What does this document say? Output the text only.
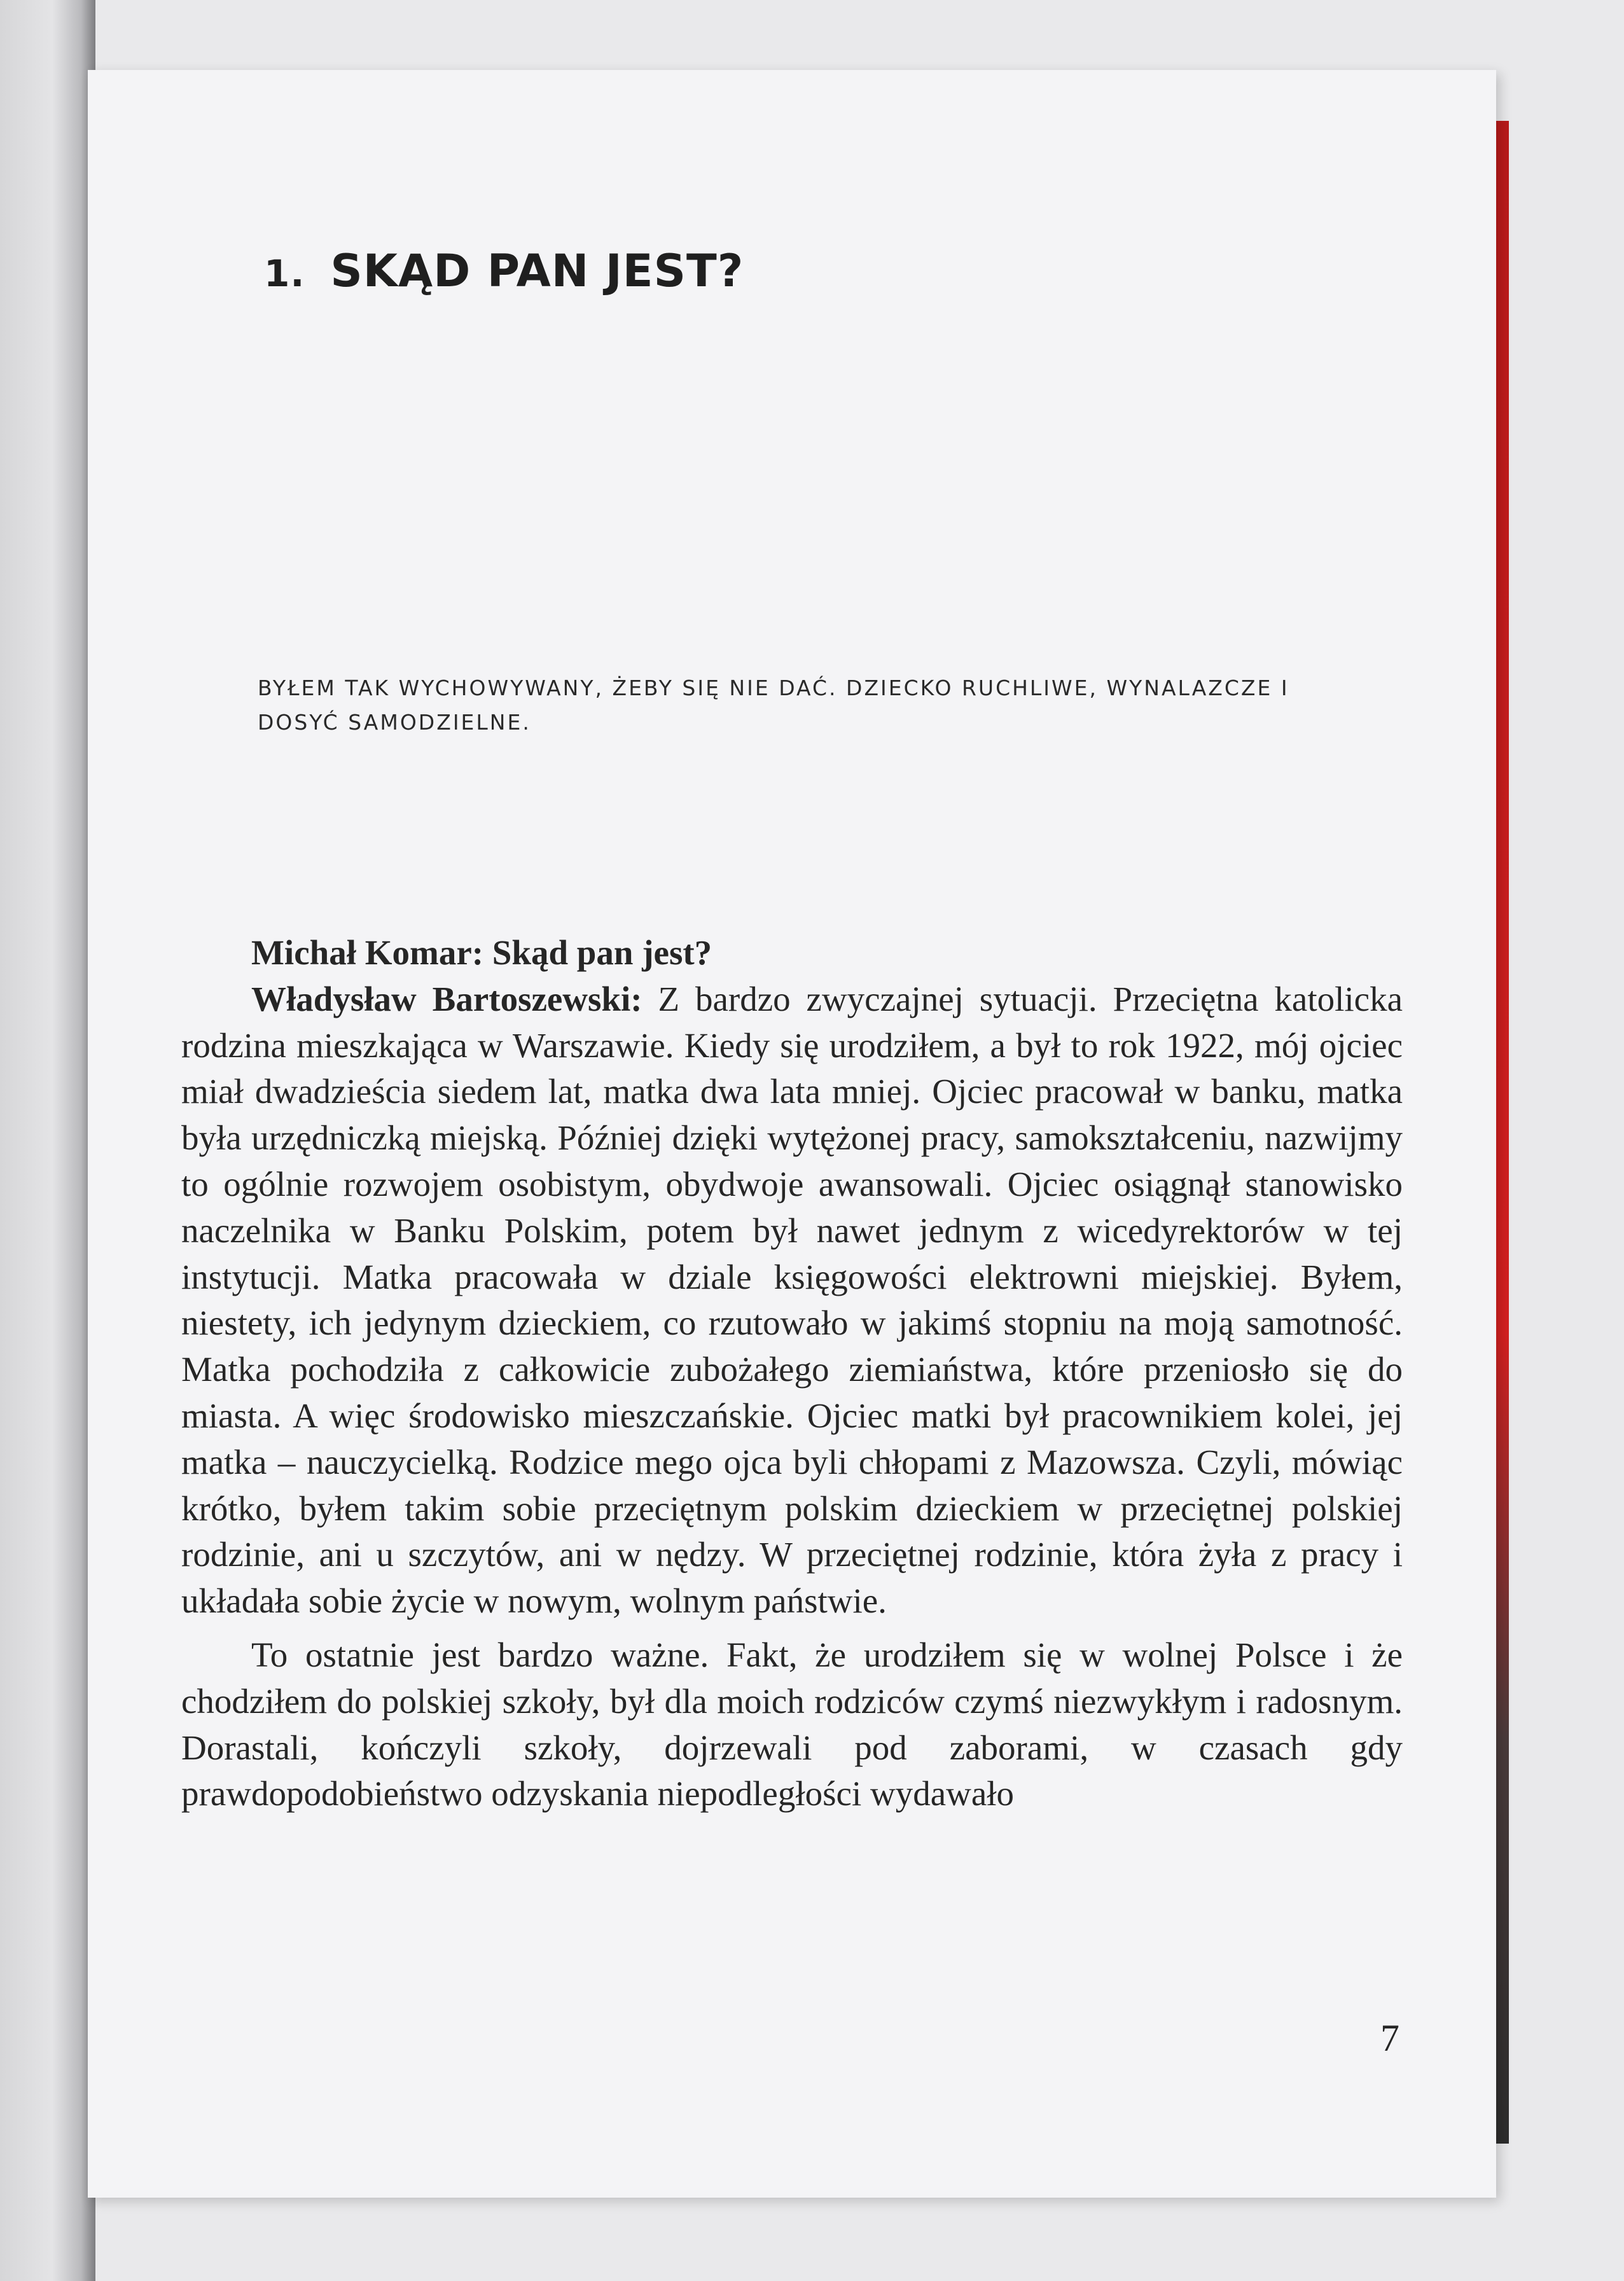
1. SKĄD PAN JEST?

BYŁEM TAK WYCHOWYWANY, ŻEBY SIĘ NIE DAĆ. DZIECKO RUCHLIWE, WYNALAZCZE I DOSYĆ SAMODZIELNE.

Michał Komar: Skąd pan jest?

Władysław Bartoszewski: Z bardzo zwyczajnej sytuacji. Przeciętna katolicka rodzina mieszkająca w Warszawie. Kiedy się urodziłem, a był to rok 1922, mój ojciec miał dwadzieścia siedem lat, matka dwa lata mniej. Ojciec pracował w banku, matka była urzędniczką miejską. Później dzięki wytężonej pracy, samokształceniu, nazwijmy to ogólnie rozwojem osobistym, obydwoje awansowali. Ojciec osiągnął stanowisko naczelnika w Banku Polskim, potem był nawet jednym z wicedyrektorów w tej instytucji. Matka pracowała w dziale księgowości elektrowni miejskiej. Byłem, niestety, ich jedynym dzieckiem, co rzutowało w jakimś stopniu na moją samotność. Matka pochodziła z całkowicie zubożałego ziemiaństwa, które przeniosło się do miasta. A więc środowisko mieszczańskie. Ojciec matki był pracownikiem kolei, jej matka – nauczycielką. Rodzice mego ojca byli chłopami z Mazowsza. Czyli, mówiąc krótko, byłem takim sobie przeciętnym polskim dzieckiem w przeciętnej polskiej rodzinie, ani u szczytów, ani w nędzy. W przeciętnej rodzinie, która żyła z pracy i układała sobie życie w nowym, wolnym państwie.

To ostatnie jest bardzo ważne. Fakt, że urodziłem się w wolnej Polsce i że chodziłem do polskiej szkoły, był dla moich rodziców czymś niezwykłym i radosnym. Dorastali, kończyli szkoły, dojrzewali pod zaborami, w czasach gdy prawdopodobieństwo odzyskania niepodległości wydawało

7
